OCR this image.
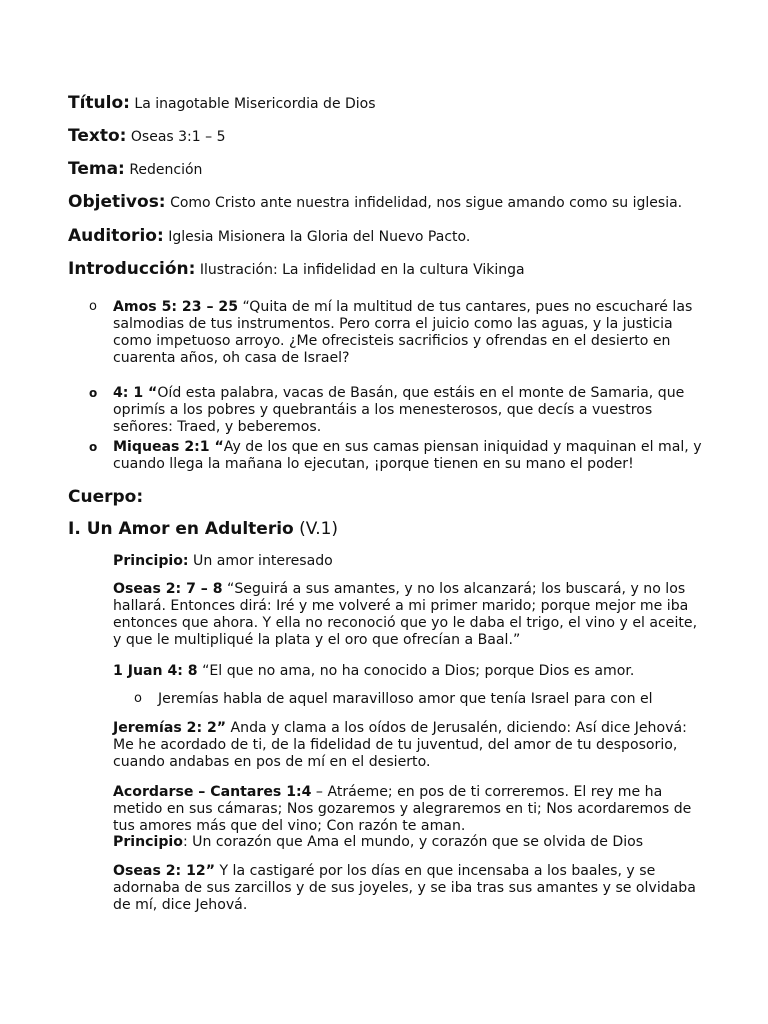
Título: La inagotable Misericordia de Dios
Texto: Oseas 3:1 – 5
Tema: Redención
Objetivos: Como Cristo ante nuestra infidelidad, nos sigue amando como su iglesia.
Auditorio: Iglesia Misionera la Gloria del Nuevo Pacto.
Introducción: Ilustración: La infidelidad en la cultura Vikinga
o Amos 5: 23 – 25 “Quita de mí la multitud de tus cantares, pues no escucharé las salmodias de tus instrumentos. Pero corra el juicio como las aguas, y la justicia como impetuoso arroyo. ¿Me ofrecisteis sacrificios y ofrendas en el desierto en cuarenta años, oh casa de Israel?
o 4: 1 “Oíd esta palabra, vacas de Basán, que estáis en el monte de Samaria, que oprimís a los pobres y quebrantáis a los menesterosos, que decís a vuestros señores: Traed, y beberemos.
o Miqueas 2:1 “Ay de los que en sus camas piensan iniquidad y maquinan el mal, y cuando llega la mañana lo ejecutan, ¡porque tienen en su mano el poder!
Cuerpo:
I. Un Amor en Adulterio (V.1)
Principio: Un amor interesado
Oseas 2: 7 – 8 “Seguirá a sus amantes, y no los alcanzará; los buscará, y no los hallará. Entonces dirá: Iré y me volveré a mi primer marido; porque mejor me iba entonces que ahora. Y ella no reconoció que yo le daba el trigo, el vino y el aceite, y que le multipliqué la plata y el oro que ofrecían a Baal.”
1 Juan 4: 8 “El que no ama, no ha conocido a Dios; porque Dios es amor.
o Jeremías habla de aquel maravilloso amor que tenía Israel para con el
Jeremías 2: 2” Anda y clama a los oídos de Jerusalén, diciendo: Así dice Jehová: Me he acordado de ti, de la fidelidad de tu juventud, del amor de tu desposorio, cuando andabas en pos de mí en el desierto.
Acordarse – Cantares 1:4 – Atráeme; en pos de ti correremos. El rey me ha metido en sus cámaras; Nos gozaremos y alegraremos en ti; Nos acordaremos de tus amores más que del vino; Con razón te aman.
Principio: Un corazón que Ama el mundo, y corazón que se olvida de Dios
Oseas 2: 12” Y la castigaré por los días en que incensaba a los baales, y se adornaba de sus zarcillos y de sus joyeles, y se iba tras sus amantes y se olvidaba de mí, dice Jehová.
